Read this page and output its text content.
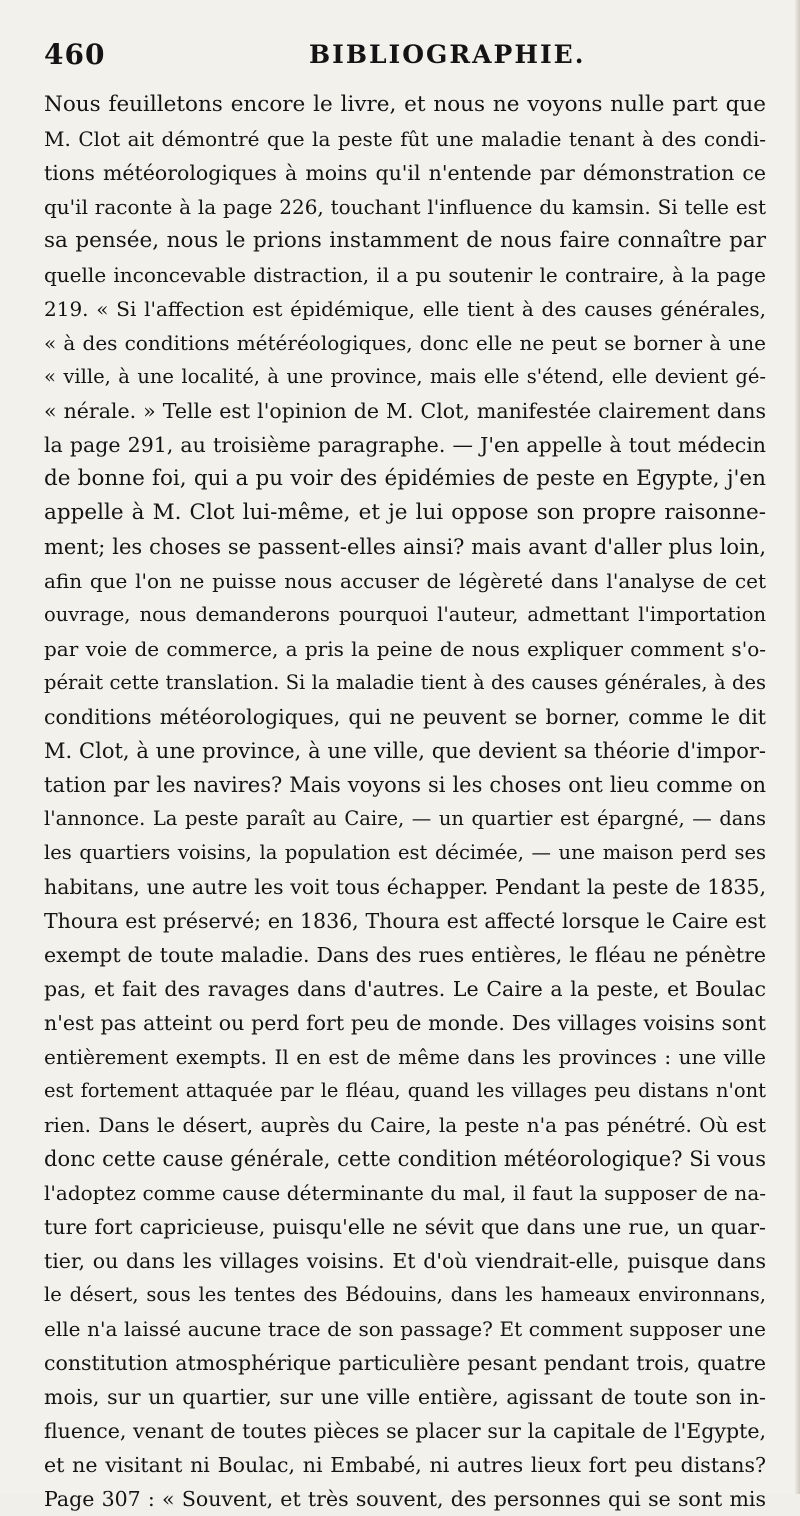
460	BIBLIOGRAPHIE.
Nous feuilletons encore le livre, et nous ne voyons nulle part que
M. Clot ait démontré que la peste fût une maladie tenant à des condi-
tions météorologiques à moins qu'il n'entende par démonstration ce
qu'il raconte à la page 226, touchant l'influence du kamsin. Si telle est
sa pensée, nous le prions instamment de nous faire connaître par
quelle inconcevable distraction, il a pu soutenir le contraire, à la page
219. « Si l'affection est épidémique, elle tient à des causes générales,
« à des conditions météréologiques, donc elle ne peut se borner à une
« ville, à une localité, à une province, mais elle s'étend, elle devient gé-
« nérale. » Telle est l'opinion de M. Clot, manifestée clairement dans
la page 291, au troisième paragraphe. — J'en appelle à tout médecin
de bonne foi, qui a pu voir des épidémies de peste en Egypte, j'en
appelle à M. Clot lui-même, et je lui oppose son propre raisonne-
ment; les choses se passent-elles ainsi? mais avant d'aller plus loin,
afin que l'on ne puisse nous accuser de légèreté dans l'analyse de cet
ouvrage, nous demanderons pourquoi l'auteur, admettant l'importation
par voie de commerce, a pris la peine de nous expliquer comment s'o-
pérait cette translation. Si la maladie tient à des causes générales, à des
conditions météorologiques, qui ne peuvent se borner, comme le dit
M. Clot, à une province, à une ville, que devient sa théorie d'impor-
tation par les navires? Mais voyons si les choses ont lieu comme on
l'annonce. La peste paraît au Caire, — un quartier est épargné, — dans
les quartiers voisins, la population est décimée, — une maison perd ses
habitans, une autre les voit tous échapper. Pendant la peste de 1835,
Thoura est préservé; en 1836, Thoura est affecté lorsque le Caire est
exempt de toute maladie. Dans des rues entières, le fléau ne pénètre
pas, et fait des ravages dans d'autres. Le Caire a la peste, et Boulac
n'est pas atteint ou perd fort peu de monde. Des villages voisins sont
entièrement exempts. Il en est de même dans les provinces : une ville
est fortement attaquée par le fléau, quand les villages peu distans n'ont
rien. Dans le désert, auprès du Caire, la peste n'a pas pénétré. Où est
donc cette cause générale, cette condition météorologique? Si vous
l'adoptez comme cause déterminante du mal, il faut la supposer de na-
ture fort capricieuse, puisqu'elle ne sévit que dans une rue, un quar-
tier, ou dans les villages voisins. Et d'où viendrait-elle, puisque dans
le désert, sous les tentes des Bédouins, dans les hameaux environnans,
elle n'a laissé aucune trace de son passage? Et comment supposer une
constitution atmosphérique particulière pesant pendant trois, quatre
mois, sur un quartier, sur une ville entière, agissant de toute son in-
fluence, venant de toutes pièces se placer sur la capitale de l'Egypte,
et ne visitant ni Boulac, ni Embabé, ni autres lieux fort peu distans?
Page 307 : « Souvent, et très souvent, des personnes qui se sont mis
